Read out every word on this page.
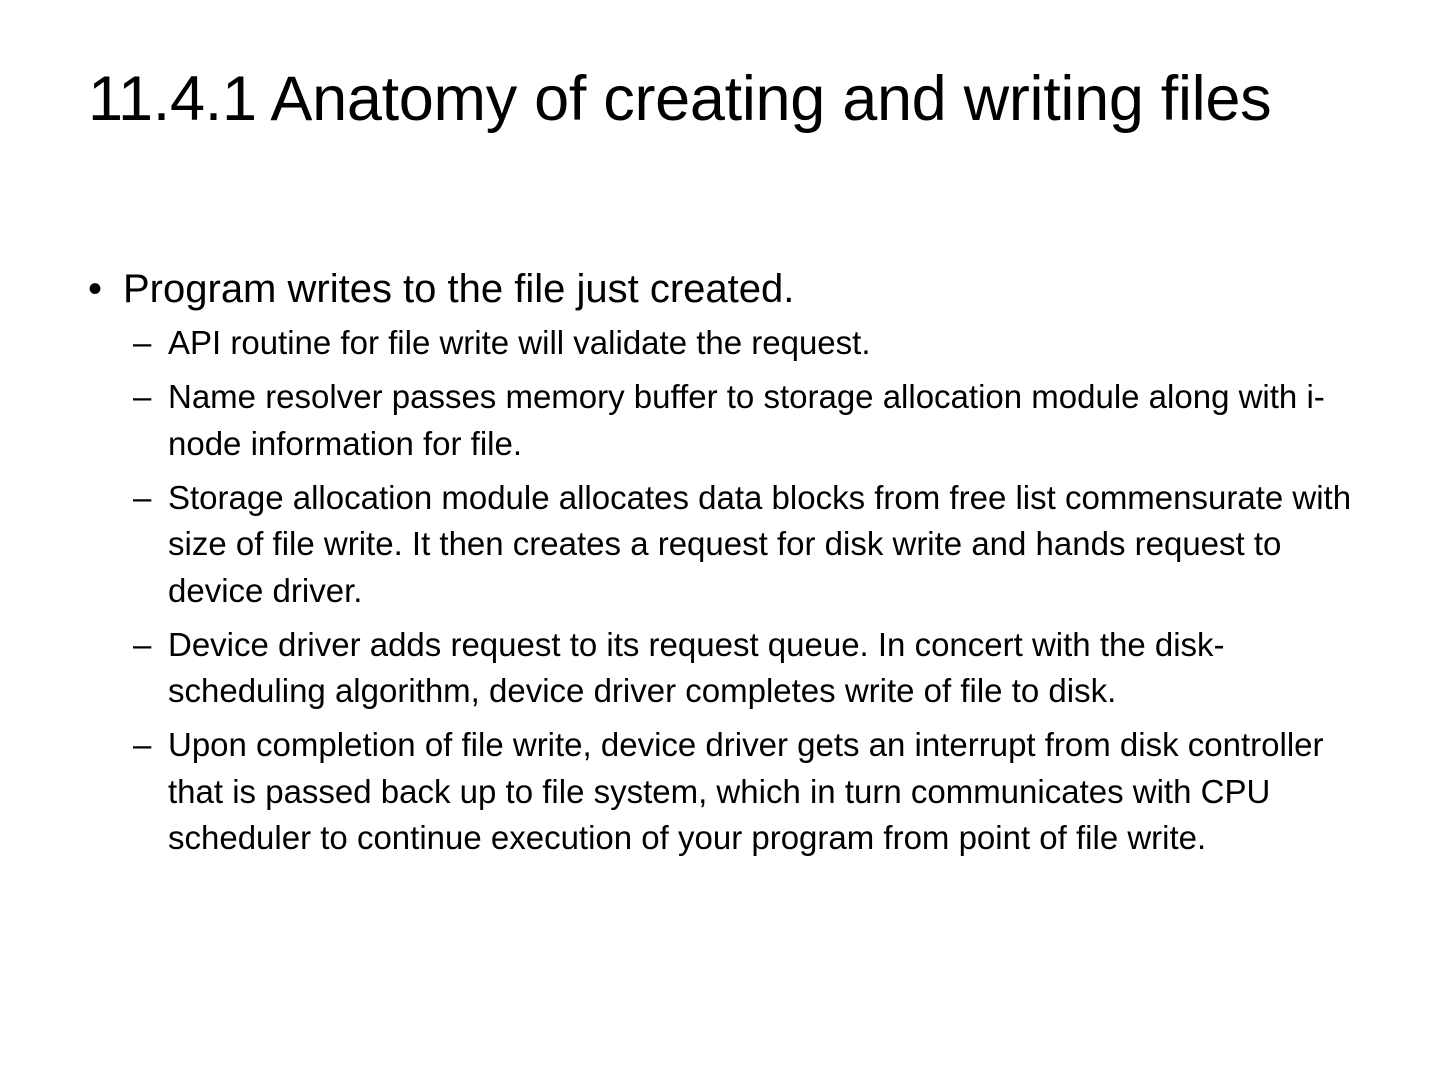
11.4.1 Anatomy of creating and writing files
• Program writes to the file just created.
– API routine for file write will validate the request.
– Name resolver passes memory buffer to storage allocation module along with i-node information for file.
– Storage allocation module allocates data blocks from free list commensurate with size of file write. It then creates a request for disk write and hands request to device driver.
– Device driver adds request to its request queue. In concert with the disk-scheduling algorithm, device driver completes write of file to disk.
– Upon completion of file write, device driver gets an interrupt from disk controller that is passed back up to file system, which in turn communicates with CPU scheduler to continue execution of your program from point of file write.
